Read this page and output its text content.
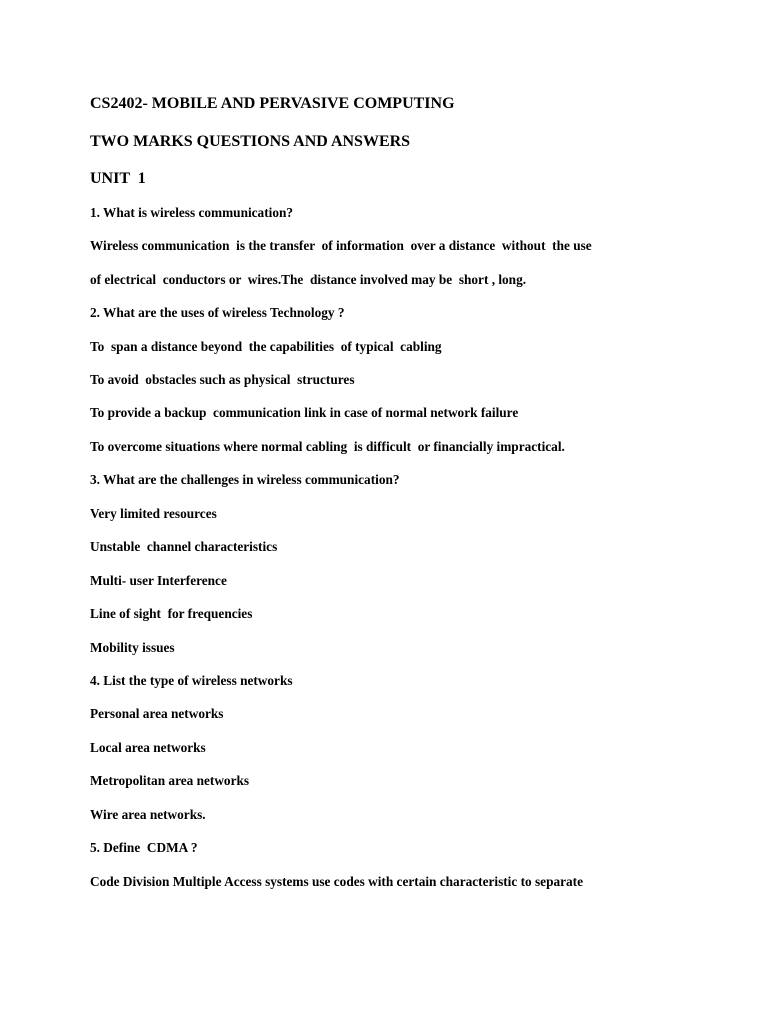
CS2402- MOBILE AND PERVASIVE COMPUTING
TWO MARKS QUESTIONS AND ANSWERS
UNIT  1
1. What is wireless communication?
Wireless communication  is the transfer  of information  over a distance  without  the use
of electrical  conductors or  wires.The  distance involved may be  short , long.
2. What are the uses of wireless Technology ?
To  span a distance beyond  the capabilities  of typical  cabling
To avoid  obstacles such as physical  structures
To provide a backup  communication link in case of normal network failure
To overcome situations where normal cabling  is difficult  or financially impractical.
3. What are the challenges in wireless communication?
Very limited resources
Unstable  channel characteristics
Multi- user Interference
Line of sight  for frequencies
Mobility issues
4. List the type of wireless networks
Personal area networks
Local area networks
Metropolitan area networks
Wire area networks.
5. Define  CDMA ?
Code Division Multiple Access systems use codes with certain characteristic to separate
